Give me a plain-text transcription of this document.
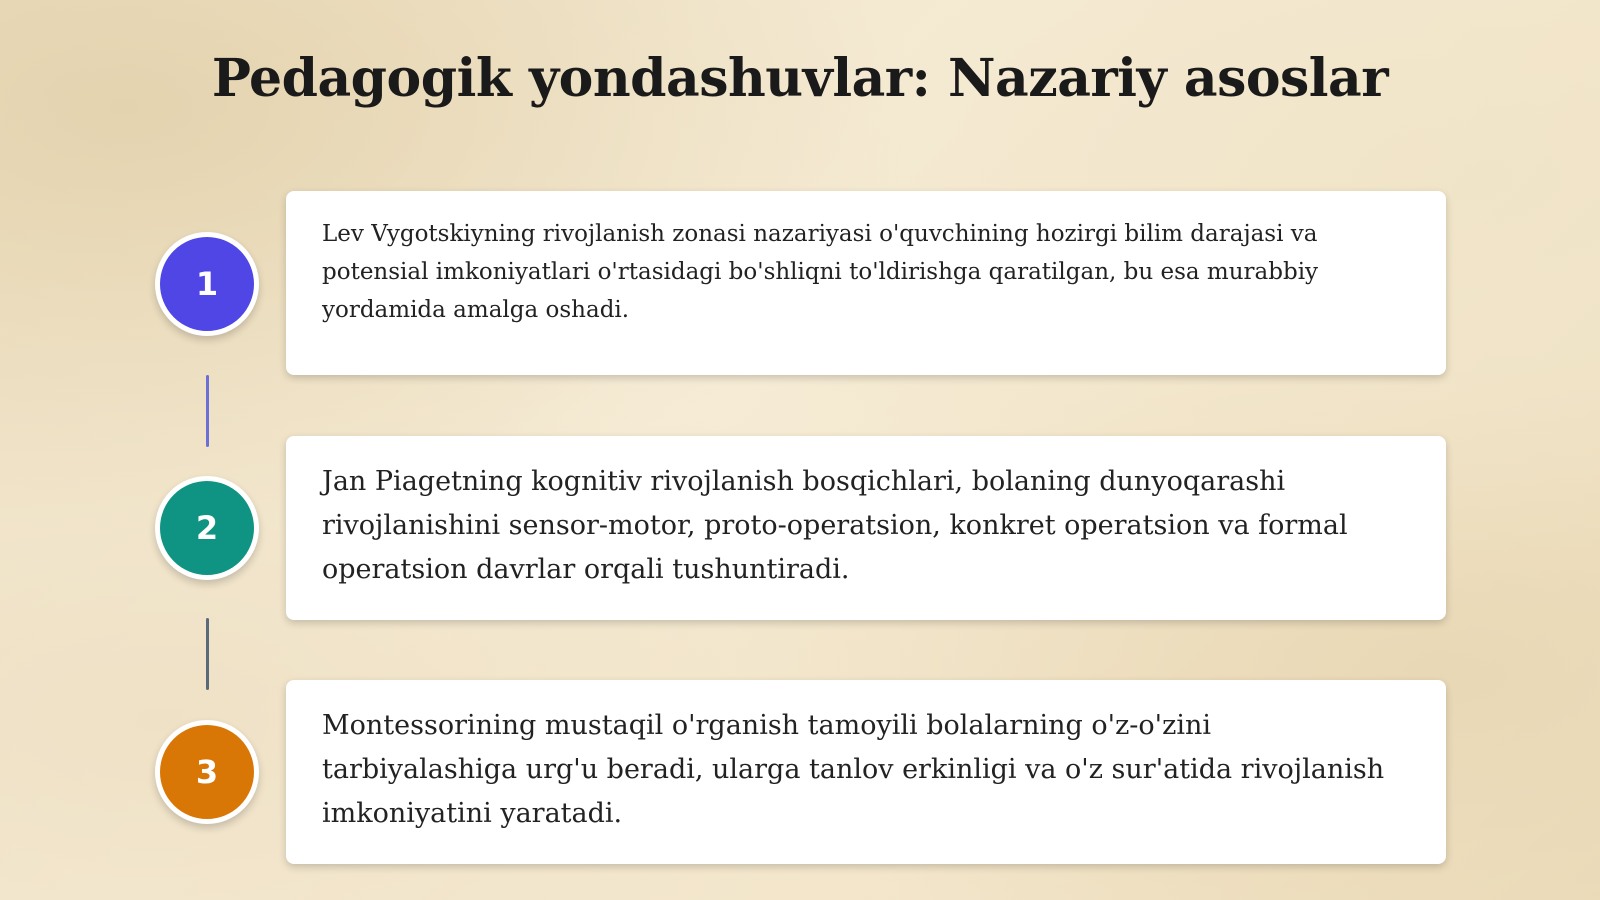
Pedagogik yondashuvlar: Nazariy asoslar
1

Lev Vygotskiyning rivojlanish zonasi nazariyasi o'quvchining hozirgi bilim darajasi va potensial imkoniyatlari o'rtasidagi bo'shliqni to'ldirishga qaratilgan, bu esa murabbiy yordamida amalga oshadi.

2

Jan Piagetning kognitiv rivojlanish bosqichlari, bolaning dunyoqarashi rivojlanishini sensor-motor, proto-operatsion, konkret operatsion va formal operatsion davrlar orqali tushuntiradi.

3

Montessorining mustaqil o'rganish tamoyili bolalarning o'z-o'zini tarbiyalashiga urg'u beradi, ularga tanlov erkinligi va o'z sur'atida rivojlanish imkoniyatini yaratadi.
